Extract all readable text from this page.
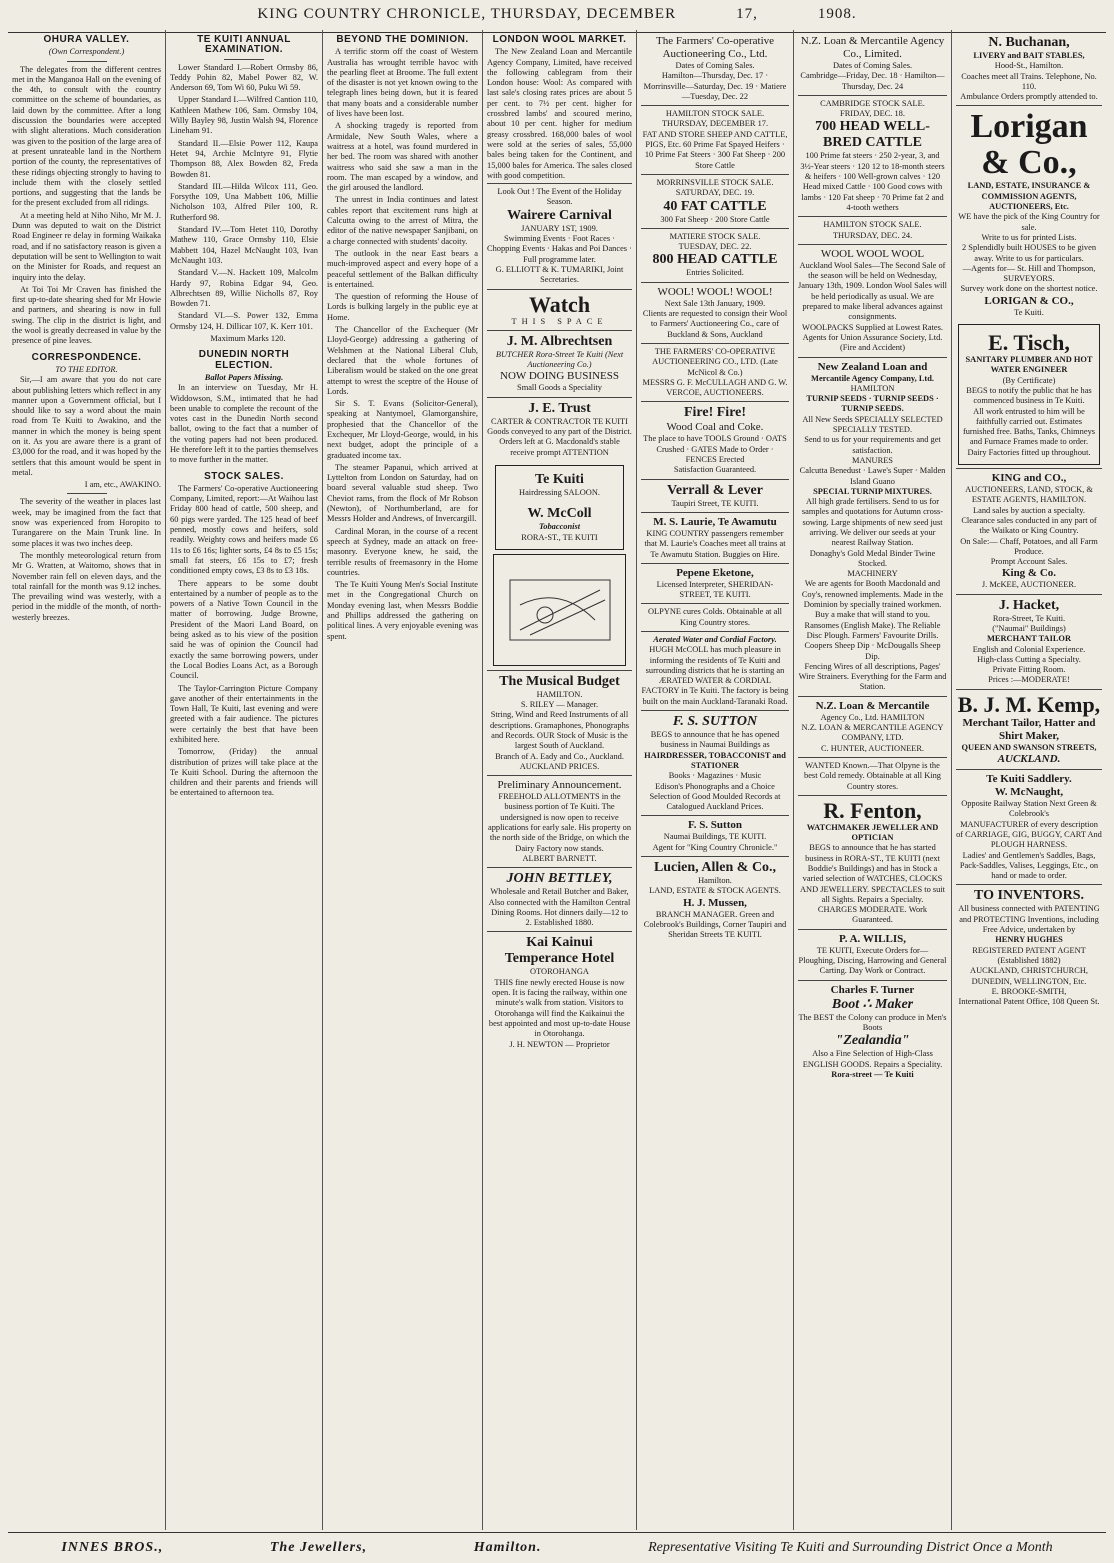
KING COUNTRY CHRONICLE, THURSDAY, DECEMBER	17,	1908.
OHURA VALLEY.
(Own Correspondent.)

The delegates from the different centres met in the Manganoa Hall on the evening of the 4th, to consult with the country committee on the scheme of boundaries, as laid down by the committee. After a long discussion the boundaries were accepted with slight alterations. Much consideration was given to the position of the large area of at present unrateable land in the Northern portion of the county, the representatives of these ridings objecting strongly to having to include them with the closely settled portions, and suggesting that the lands be for the present excluded from all ridings.

At a meeting held at Niho Niho, Mr M. J. Dunn was deputed to wait on the District Road Engineer re delay in forming Waikaka road, and if no satisfactory reason is given a deputation will be sent to Wellington to wait on the Minister for Roads, and request an inquiry into the delay.

At Toi Toi Mr Craven has finished the first up-to-date shearing shed for Mr Howie and partners, and shearing is now in full swing. The clip in the district is light, and the wool is greatly decreased in value by the presence of pine leaves.

CORRESPONDENCE.
TO THE EDITOR.

Sir,—I am aware that you do not care about publishing letters which reflect in any manner upon a Government official, but I should like to say a word about the main road from Te Kuiti to Awakino, and the manner in which the money is being spent on it. As you are aware there is a grant of £3,000 for the road, and it was hoped by the settlers that this amount would be spent in metal.

I am, etc., AWAKINO.

The severity of the weather in places last week, may be imagined from the fact that snow was experienced from Horopito to Turangarere on the Main Trunk line. In some places it was two inches deep.

The monthly meteorological return from Mr G. Wratten, at Waitomo, shows that in November rain fell on eleven days, and the total rainfall for the month was 9.12 inches. The prevailing wind was westerly, with a period in the middle of the month, of north-westerly breezes.

TE KUITI ANNUAL EXAMINATION.

Lower Standard I.—Robert Ormsby 86, Teddy Pohin 82, Mabel Power 82, W. Anderson 69, Tom Wi 60, Puku Wi 59.

Upper Standard I.—Wilfred Cantion 110, Kathleen Mathew 106, Sam. Ormsby 104, Willy Bayley 98, Justin Walsh 94, Florence Lineham 91.

Standard II.—Elsie Power 112, Kaupa Hetet 94, Archie McIntyre 91, Flytie Thompson 88, Alex Bowden 82, Freda Bowden 81.

Standard III.—Hilda Wilcox 111, Geo. Forsythe 109, Una Mabbett 106, Millie Nicholson 103, Alfred Piler 100, R. Rutherford 98.

Standard IV.—Tom Hetet 110, Dorothy Mathew 110, Grace Ormsby 110, Elsie Mabbett 104, Hazel McNaught 103, Ivan McNaught 103.

Standard V.—N. Hackett 109, Malcolm Hardy 97, Robina Edgar 94, Geo. Albrechtsen 89, Willie Nicholls 87, Roy Bowden 71.

Standard VI.—S. Power 132, Emma Ormsby 124, H. Dillicar 107, K. Kerr 101.

Maximum Marks 120.

DUNEDIN NORTH ELECTION.
Ballot Papers Missing.

In an interview on Tuesday, Mr H. Widdowson, S.M., intimated that he had been unable to complete the recount of the votes cast in the Dunedin North second ballot, owing to the fact that a number of the voting papers had not been produced. He therefore left it to the parties themselves to move further in the matter.

STOCK SALES.

The Farmers' Co-operative Auctioneering Company, Limited, report:—At Waihou last Friday 800 head of cattle, 500 sheep, and 60 pigs were yarded. The 125 head of beef penned, mostly cows and heifers, sold readily. Weighty cows and heifers made £6 11s to £6 16s; lighter sorts, £4 8s to £5 15s; small fat steers, £6 15s to £7; fresh conditioned empty cows, £3 8s to £3 18s.

There appears to be some doubt entertained by a number of people as to the powers of a Native Town Council in the matter of borrowing. Judge Browne, President of the Maori Land Board, on being asked as to his view of the position said he was of opinion the Council had exactly the same borrowing powers, under the Local Bodies Loans Act, as a Borough Council.

The Taylor-Carrington Picture Company gave another of their entertainments in the Town Hall, Te Kuiti, last evening and were greeted with a fair audience. The pictures were certainly the best that have been exhibited here.

Tomorrow, (Friday) the annual distribution of prizes will take place at the Te Kuiti School. During the afternoon the children and their parents and friends will be entertained to afternoon tea.

BEYOND THE DOMINION.

A terrific storm off the coast of Western Australia has wrought terrible havoc with the pearling fleet at Broome. The full extent of the disaster is not yet known owing to the telegraph lines being down, but it is feared that many boats and a considerable number of lives have been lost.

A shocking tragedy is reported from Armidale, New South Wales, where a waitress at a hotel, was found murdered in her bed. The room was shared with another waitress who said she saw a man in the room. The man escaped by a window, and the girl aroused the landlord.

The unrest in India continues and latest cables report that excitement runs high at Calcutta owing to the arrest of Mitra, the editor of the native newspaper Sanjibani, on a charge connected with students' dacoity.

The outlook in the near East bears a much-improved aspect and every hope of a peaceful settlement of the Balkan difficulty is entertained.

The question of reforming the House of Lords is bulking largely in the public eye at Home.

The Chancellor of the Exchequer (Mr Lloyd-George) addressing a gathering of Welshmen at the National Liberal Club, declared that the whole fortunes of Liberalism would be staked on the one great attempt to wrest the sceptre of the House of Lords.

Sir S. T. Evans (Solicitor-General), speaking at Nantymoel, Glamorganshire, prophesied that the Chancellor of the Exchequer, Mr Lloyd-George, would, in his next budget, adopt the principle of a graduated income tax.

The steamer Papanui, which arrived at Lyttelton from London on Saturday, had on board several valuable stud sheep. Two Cheviot rams, from the flock of Mr Robson (Newton), of Northumberland, are for Messrs Holder and Andrews, of Invercargill.

Cardinal Moran, in the course of a recent speech at Sydney, made an attack on free-masonry. Everyone knew, he said, the terrible results of freemasonry in the Home countries.

The Te Kuiti Young Men's Social Institute met in the Congregational Church on Monday evening last, when Messrs Boddie and Phillips addressed the gathering on political lines. A very enjoyable evening was spent.

LONDON WOOL MARKET.

The New Zealand Loan and Mercantile Agency Company, Limited, have received the following cablegram from their London house: Wool: As compared with last sale's closing rates prices are about 5 per cent. to 7½ per cent. higher for crossbred lambs' and scoured merino, about 10 per cent. higher for medium greasy crossbred. 168,000 bales of wool were sold at the series of sales, 55,000 bales being taken for the Continent, and 15,000 bales for America. The sales closed with good competition.

Look Out ! The Event of the Holiday Season.
Wairere Carnival
JANUARY 1ST, 1909.
Swimming Events · Foot Races · Chopping Events · Hakas and Poi Dances · Full programme later.
G. ELLIOTT & K. TUMARIKI, Joint Secretaries.
Watch
THIS SPACE
J. M. Albrechtsen
BUTCHER Rora-Street Te Kuiti (Next Auctioneering Co.)
NOW DOING BUSINESS
Small Goods a Speciality
J. E. Trust
CARTER & CONTRACTOR TE KUITI
Goods conveyed to any part of the District. Orders left at G. Macdonald's stable receive prompt ATTENTION
Te Kuiti
Hairdressing SALOON.
W. McColl
Tobacconist
RORA-ST., TE KUITI
The Musical Budget
HAMILTON.
S. RILEY — Manager.
String, Wind and Reed Instruments of all descriptions. Gramaphones, Phonographs and Records. OUR Stock of Music is the largest South of Auckland.
Branch of A. Eady and Co., Auckland.
AUCKLAND PRICES.
Preliminary Announcement.
FREEHOLD ALLOTMENTS in the business portion of Te Kuiti. The undersigned is now open to receive applications for early sale. His property on the north side of the Bridge, on which the Dairy Factory now stands.
ALBERT BARNETT.
JOHN BETTLEY,
Wholesale and Retail Butcher and Baker, Also connected with the Hamilton Central Dining Rooms. Hot dinners daily—12 to 2. Established 1880.
Kai Kainui
Temperance Hotel
OTOROHANGA
THIS fine newly erected House is now open. It is facing the railway, within one minute's walk from station. Visitors to Otorohanga will find the Kaikainui the best appointed and most up-to-date House in Otorohanga.
J. H. NEWTON — Proprietor
The Farmers' Co-operative Auctioneering Co., Ltd.
Dates of Coming Sales.
Hamilton—Thursday, Dec. 17 · Morrinsville—Saturday, Dec. 19 · Matiere—Tuesday, Dec. 22
HAMILTON STOCK SALE.
THURSDAY, DECEMBER 17.
FAT AND STORE SHEEP AND CATTLE, PIGS, Etc. 60 Prime Fat Spayed Heifers · 10 Prime Fat Steers · 300 Fat Sheep · 200 Store Cattle
MORRINSVILLE STOCK SALE.
SATURDAY, DEC. 19.
40 FAT CATTLE
300 Fat Sheep · 200 Store Cattle
MATIERE STOCK SALE.
TUESDAY, DEC. 22.
800 HEAD CATTLE
Entries Solicited.
WOOL! WOOL! WOOL!
Next Sale 13th January, 1909.
Clients are requested to consign their Wool to Farmers' Auctioneering Co., care of Buckland & Sons, Auckland
THE FARMERS' CO-OPERATIVE AUCTIONEERING CO., LTD. (Late McNicol & Co.)
MESSRS G. F. McCULLAGH AND G. W. VERCOE, AUCTIONEERS.
Fire! Fire!
Wood Coal and Coke.
The place to have TOOLS Ground · OATS Crushed · GATES Made to Order · FENCES Erected
Satisfaction Guaranteed.
Verrall & Lever
Taupiri Street, TE KUITI.
M. S. Laurie, Te Awamutu
KING COUNTRY passengers remember that M. Laurie's Coaches meet all trains at Te Awamutu Station. Buggies on Hire.
Pepene Eketone,
Licensed Interpreter, SHERIDAN-STREET, TE KUITI.
OLPYNE cures Colds. Obtainable at all King Country stores.
Aerated Water and Cordial Factory.
HUGH McCOLL has much pleasure in informing the residents of Te Kuiti and surrounding districts that he is starting an ÆRATED WATER & CORDIAL FACTORY in Te Kuiti. The factory is being built on the main Auckland-Taranaki Road.
F. S. SUTTON
BEGS to announce that he has opened business in Naumai Buildings as
HAIRDRESSER, TOBACCONIST and STATIONER
Books · Magazines · Music
Edison's Phonographs and a Choice Selection of Good Moulded Records at Catalogued Auckland Prices.
F. S. Sutton
Naumai Buildings, TE KUITI.
Agent for "King Country Chronicle."
Lucien, Allen & Co.,
Hamilton.
LAND, ESTATE & STOCK AGENTS.
H. J. Mussen,
BRANCH MANAGER. Green and Colebrook's Buildings, Corner Taupiri and Sheridan Streets TE KUITI.
N.Z. Loan & Mercantile Agency Co., Limited.
Dates of Coming Sales.
Cambridge—Friday, Dec. 18 · Hamilton—Thursday, Dec. 24
CAMBRIDGE STOCK SALE.
FRIDAY, DEC. 18.
700 HEAD WELL-BRED CATTLE
100 Prime fat steers · 250 2-year, 3, and 3½-Year steers · 120 12 to 18-month steers & heifers · 100 Well-grown calves · 120 Head mixed Cattle · 100 Good cows with lambs · 120 Fat sheep · 70 Prime fat 2 and 4-tooth wethers
HAMILTON STOCK SALE.
THURSDAY, DEC. 24.
WOOL WOOL WOOL
Auckland Wool Sales—The Second Sale of the season will be held on Wednesday, January 13th, 1909. London Wool Sales will be held periodically as usual. We are prepared to make liberal advances against consignments.
WOOLPACKS Supplied at Lowest Rates.
Agents for Union Assurance Society, Ltd. (Fire and Accident)
New Zealand Loan and
Mercantile Agency Company, Ltd.
HAMILTON
TURNIP SEEDS · TURNIP SEEDS · TURNIP SEEDS.
All New Seeds SPECIALLY SELECTED SPECIALLY TESTED.
Send to us for your requirements and get satisfaction.
MANURES
Calcutta Benedust · Lawe's Super · Malden Island Guano
SPECIAL TURNIP MIXTURES.
All high grade fertilisers. Send to us for samples and quotations for Autumn cross-sowing. Large shipments of new seed just arriving. We deliver our seeds at your nearest Railway Station.
Donaghy's Gold Medal Binder Twine Stocked.
MACHINERY
We are agents for Booth Macdonald and Coy's, renowned implements. Made in the Dominion by specially trained workmen. Buy a make that will stand to you. Ransomes (English Make). The Reliable Disc Plough. Farmers' Favourite Drills.
Coopers Sheep Dip · McDougalls Sheep Dip.
Fencing Wires of all descriptions, Pages' Wire Strainers. Everything for the Farm and Station.
N.Z. Loan & Mercantile
Agency Co., Ltd. HAMILTON
N.Z. LOAN & MERCANTILE AGENCY COMPANY, LTD.
C. HUNTER, AUCTIONEER.
WANTED Known.—That Olpyne is the best Cold remedy. Obtainable at all King Country stores.
R. Fenton,
WATCHMAKER JEWELLER AND OPTICIAN
BEGS to announce that he has started business in RORA-ST., TE KUITI (next Boddie's Buildings) and has in Stock a varied selection of WATCHES, CLOCKS AND JEWELLERY. SPECTACLES to suit all Sights. Repairs a Specialty.
CHARGES MODERATE. Work Guaranteed.
P. A. WILLIS,
TE KUITI, Execute Orders for— Ploughing, Discing, Harrowing and General Carting. Day Work or Contract.
Charles F. Turner
Boot ∴ Maker
The BEST the Colony can produce in Men's Boots
"Zealandia"
Also a Fine Selection of High-Class ENGLISH GOODS. Repairs a Speciality.
Rora-street — Te Kuiti
N. Buchanan,
LIVERY and BAIT STABLES,
Hood-St., Hamilton.
Coaches meet all Trains. Telephone, No. 110.
Ambulance Orders promptly attended to.
Lorigan
& Co.,
LAND, ESTATE, INSURANCE & COMMISSION AGENTS, AUCTIONEERS, Etc.
WE have the pick of the King Country for sale.
Write to us for printed Lists.
2 Splendidly built HOUSES to be given away. Write to us for particulars.
—Agents for— St. Hill and Thompson, SURVEYORS.
Survey work done on the shortest notice.
LORIGAN & CO.,
Te Kuiti.
E. Tisch,
SANITARY PLUMBER AND HOT WATER ENGINEER
(By Certificate)
BEGS to notify the public that he has commenced business in Te Kuiti.
All work entrusted to him will be faithfully carried out. Estimates furnished free. Baths, Tanks, Chimneys and Furnace Frames made to order. Dairy Factories fitted up throughout.
KING and CO.,
AUCTIONEERS, LAND, STOCK, & ESTATE AGENTS, HAMILTON.
Land sales by auction a specialty. Clearance sales conducted in any part of the Waikato or King Country.
On Sale:— Chaff, Potatoes, and all Farm Produce.
Prompt Account Sales.
King & Co.
J. McKEE, AUCTIONEER.
J. Hacket,
Rora-Street, Te Kuiti.
("Naumai" Buildings)
MERCHANT TAILOR
English and Colonial Experience.
High-class Cutting a Specialty.
Private Fitting Room.
Prices :—MODERATE!
B. J. M. Kemp,
Merchant Tailor, Hatter and Shirt Maker,
QUEEN AND SWANSON STREETS,
AUCKLAND.
Te Kuiti Saddlery.
W. McNaught,
Opposite Railway Station Next Green & Colebrook's
MANUFACTURER of every description of CARRIAGE, GIG, BUGGY, CART And PLOUGH HARNESS.
Ladies' and Gentlemen's Saddles, Bags, Pack-Saddles, Valises, Leggings, Etc., on hand or made to order.
TO INVENTORS.
All business connected with PATENTING and PROTECTING Inventions, including Free Advice, undertaken by
HENRY HUGHES
REGISTERED PATENT AGENT (Established 1882)
AUCKLAND, CHRISTCHURCH, DUNEDIN, WELLINGTON, Etc.
E. BROOKE-SMITH,
International Patent Office, 108 Queen St.
INNES BROS.,	The Jewellers,	Hamilton.	Representative Visiting Te Kuiti and Surrounding District Once a Month
